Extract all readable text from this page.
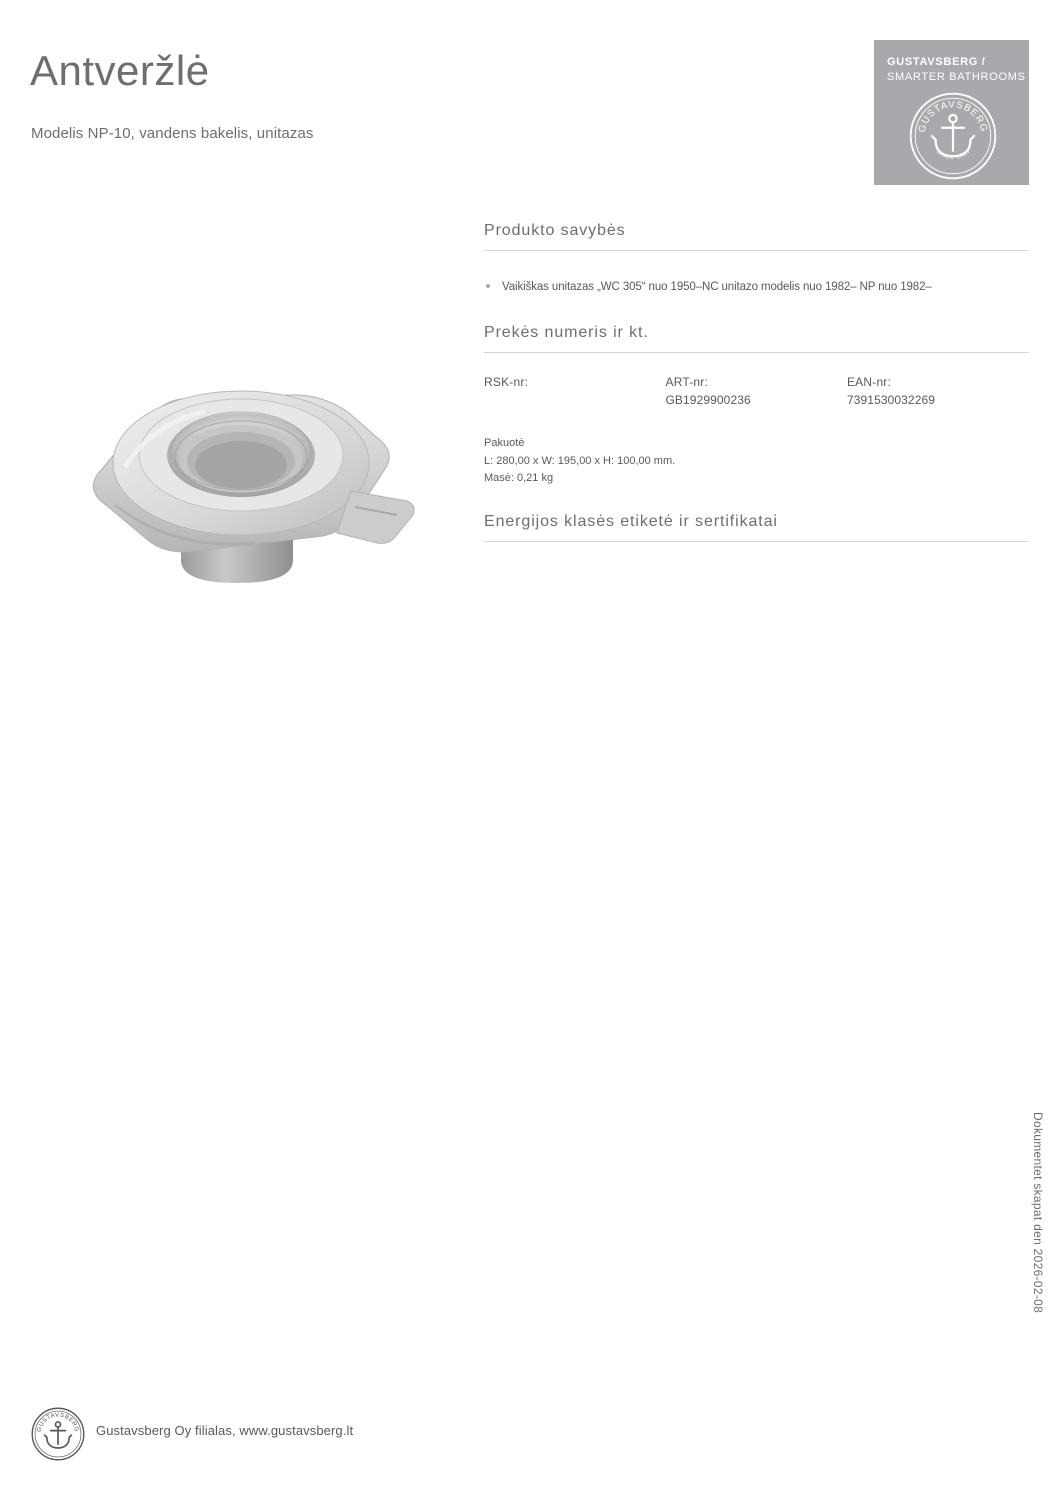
Antveržlė
Modelis NP-10, vandens bakelis, unitazas
GUSTAVSBERG /
SMARTER BATHROOMS
GUSTAVSBERG
SINCE 1825
Produkto savybės
Vaikiškas unitazas „WC 305“ nuo 1950–NC unitazo modelis nuo 1982– NP nuo 1982–
Prekės numeris ir kt.
RSK-nr:	ART-nr:
GB1929900236
EAN-nr:
7391530032269
Pakuotė
L: 280,00 x W: 195,00 x H: 100,00 mm.
Masė: 0,21 kg
Energijos klasės etiketė ir sertifikatai
Dokumentet skapat den 2026-02-08
GUSTAVSBERG Gustavsberg Oy filialas, www.gustavsberg.lt
